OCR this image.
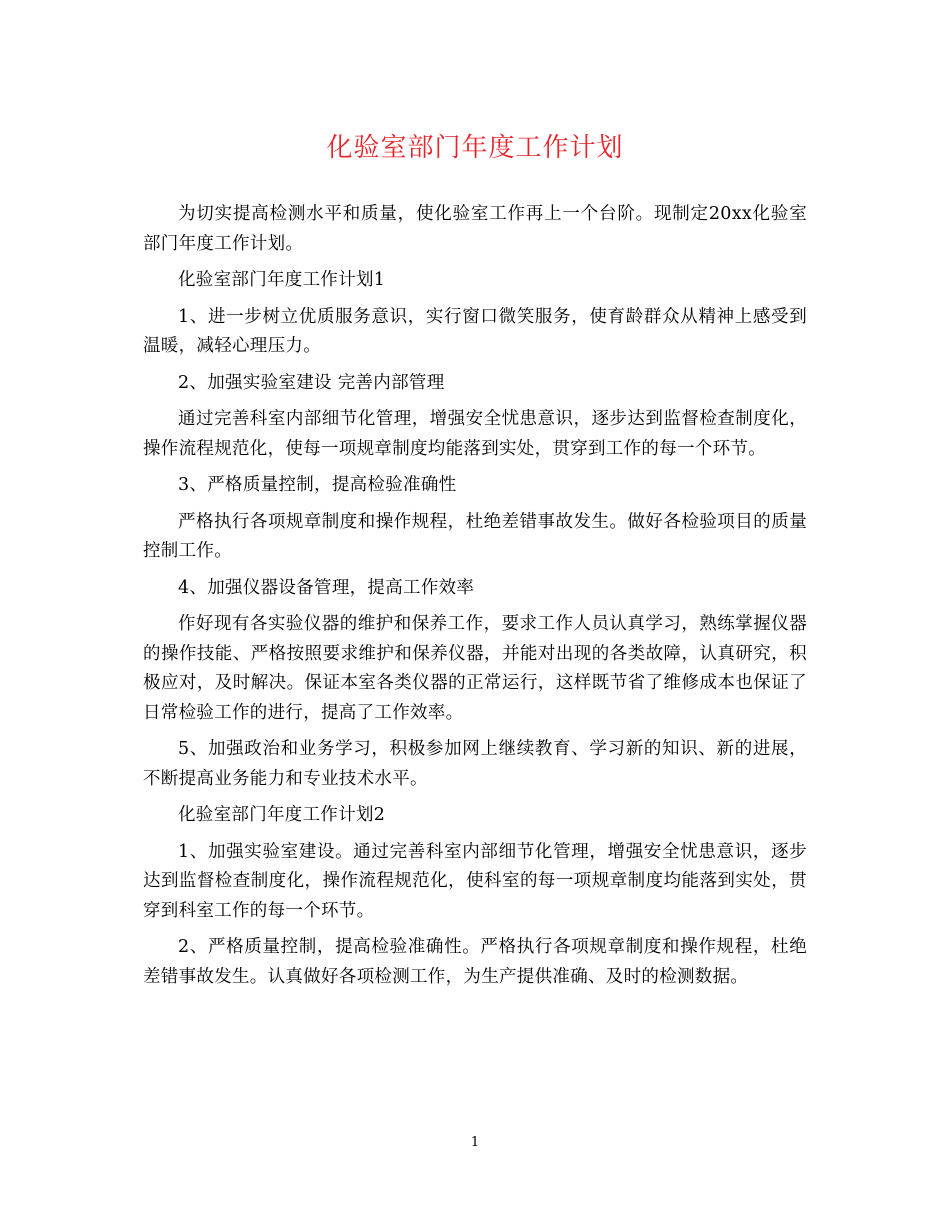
化验室部门年度工作计划

为切实提高检测水平和质量，使化验室工作再上一个台阶。现制定20xx化验室部门年度工作计划。

化验室部门年度工作计划1

1、进一步树立优质服务意识，实行窗口微笑服务，使育龄群众从精神上感受到温暖，减轻心理压力。

2、加强实验室建设 完善内部管理

通过完善科室内部细节化管理，增强安全忧患意识，逐步达到监督检查制度化，操作流程规范化，使每一项规章制度均能落到实处，贯穿到工作的每一个环节。

3、严格质量控制，提高检验准确性

严格执行各项规章制度和操作规程，杜绝差错事故发生。做好各检验项目的质量控制工作。

4、加强仪器设备管理，提高工作效率

作好现有各实验仪器的维护和保养工作，要求工作人员认真学习，熟练掌握仪器的操作技能、严格按照要求维护和保养仪器，并能对出现的各类故障，认真研究，积极应对，及时解决。保证本室各类仪器的正常运行，这样既节省了维修成本也保证了日常检验工作的进行，提高了工作效率。

5、加强政治和业务学习，积极参加网上继续教育、学习新的知识、新的进展，不断提高业务能力和专业技术水平。

化验室部门年度工作计划2

1、加强实验室建设。通过完善科室内部细节化管理，增强安全忧患意识，逐步达到监督检查制度化，操作流程规范化，使科室的每一项规章制度均能落到实处，贯穿到科室工作的每一个环节。

2、严格质量控制，提高检验准确性。严格执行各项规章制度和操作规程，杜绝差错事故发生。认真做好各项检测工作，为生产提供准确、及时的检测数据。

1
